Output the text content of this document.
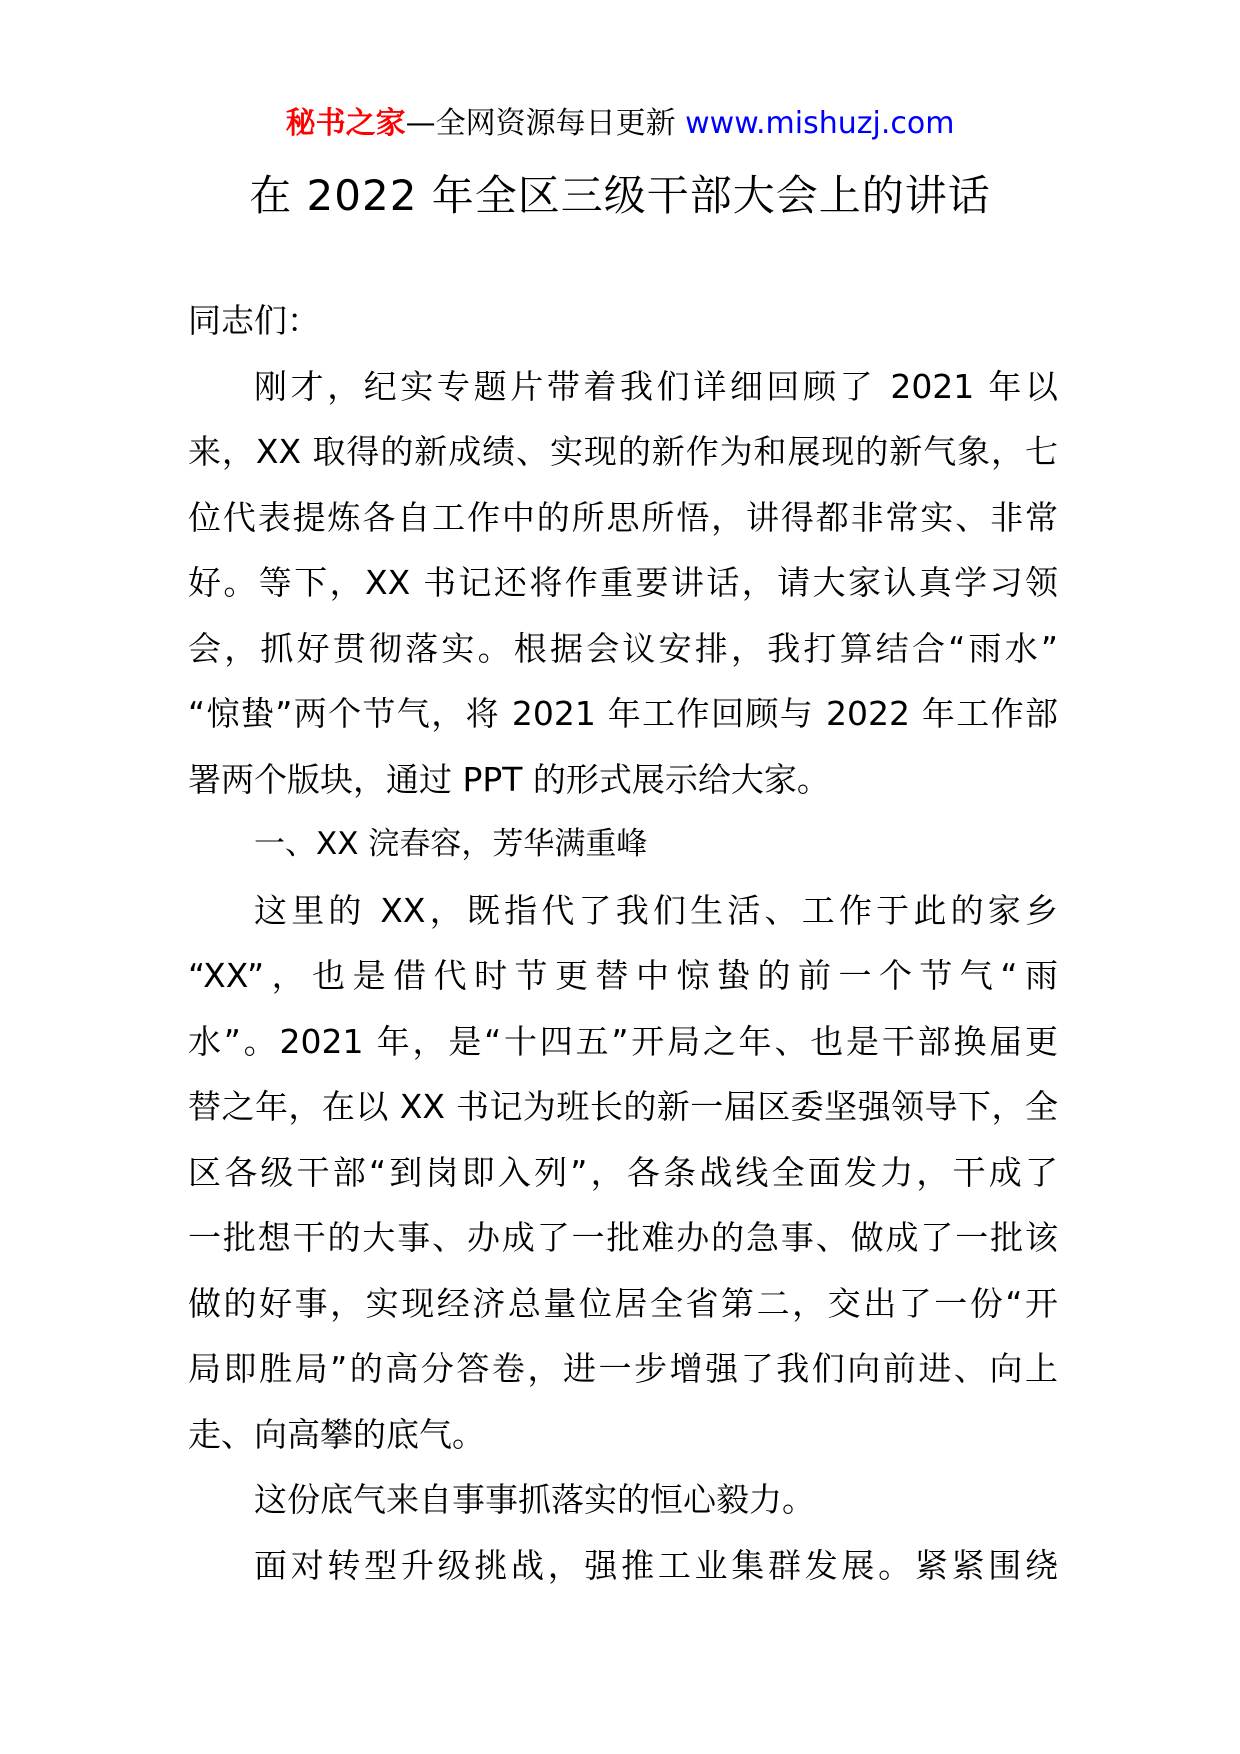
秘书之家—全网资源每日更新 www.mishuzj.com
在 2022 年全区三级干部大会上的讲话
同志们：
刚才，纪实专题片带着我们详细回顾了 2021 年以
来，XX 取得的新成绩、实现的新作为和展现的新气象，七
位代表提炼各自工作中的所思所悟，讲得都非常实、非常
好。等下，XX 书记还将作重要讲话，请大家认真学习领
会，抓好贯彻落实。根据会议安排，我打算结合“雨水”
“惊蛰”两个节气，将 2021 年工作回顾与 2022 年工作部
署两个版块，通过 PPT 的形式展示给大家。
一、XX 浣春容，芳华满重峰
这里的 XX，既指代了我们生活、工作于此的家乡
“XX”，也是借代时节更替中惊蛰的前一个节气“雨
水”。2021 年，是“十四五”开局之年、也是干部换届更
替之年，在以 XX 书记为班长的新一届区委坚强领导下，全
区各级干部“到岗即入列”，各条战线全面发力，干成了
一批想干的大事、办成了一批难办的急事、做成了一批该
做的好事，实现经济总量位居全省第二，交出了一份“开
局即胜局”的高分答卷，进一步增强了我们向前进、向上
走、向高攀的底气。
这份底气来自事事抓落实的恒心毅力。
面对转型升级挑战，强推工业集群发展。紧紧围绕
